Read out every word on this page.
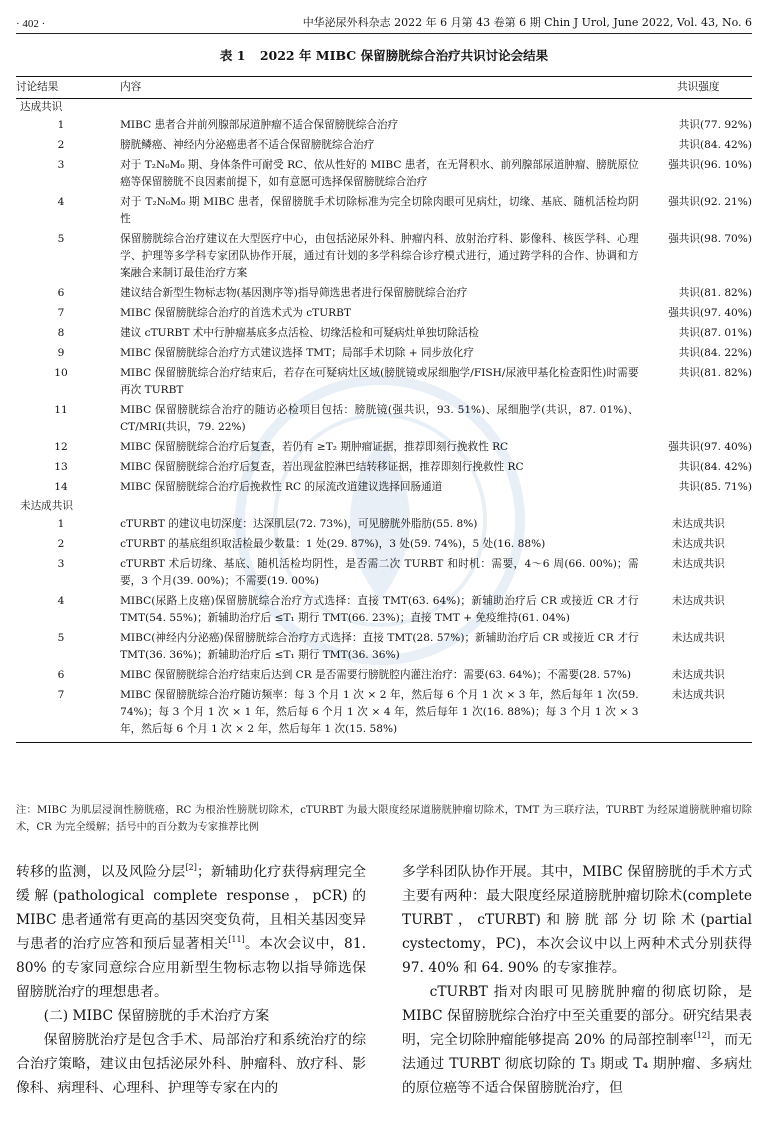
· 402 ·	中华泌尿外科杂志 2022 年 6 月第 43 卷第 6 期 Chin J Urol, June 2022, Vol. 43, No. 6
表 1 2022 年 MIBC 保留膀胱综合治疗共识讨论会结果
讨论结果	内容	共识强度
达成共识		
1	MIBC 患者合并前列腺部尿道肿瘤不适合保留膀胱综合治疗	共识(77. 92%)
2	膀胱鳞癌、神经内分泌癌患者不适合保留膀胱综合治疗	共识(84. 42%)
3	对于 T₂N₀M₀ 期、身体条件可耐受 RC、依从性好的 MIBC 患者，在无肾积水、前列腺部尿道肿瘤、膀胱原位癌等保留膀胱不良因素前提下，如有意愿可选择保留膀胱综合治疗	强共识(96. 10%)
4	对于 T₂N₀M₀ 期 MIBC 患者，保留膀胱手术切除标准为完全切除肉眼可见病灶，切缘、基底、随机活检均阴性	强共识(92. 21%)
5	保留膀胱综合治疗建议在大型医疗中心，由包括泌尿外科、肿瘤内科、放射治疗科、影像科、核医学科、心理学、护理等多学科专家团队协作开展，通过有计划的多学科综合诊疗模式进行，通过跨学科的合作、协调和方案融合来制订最佳治疗方案	强共识(98. 70%)
6	建议结合新型生物标志物(基因测序等)指导筛选患者进行保留膀胱综合治疗	共识(81. 82%)
7	MIBC 保留膀胱综合治疗的首选术式为 cTURBT	强共识(97. 40%)
8	建议 cTURBT 术中行肿瘤基底多点活检、切缘活检和可疑病灶单独切除活检	共识(87. 01%)
9	MIBC 保留膀胱综合治疗方式建议选择 TMT；局部手术切除 + 同步放化疗	共识(84. 22%)
10	MIBC 保留膀胱综合治疗结束后，若存在可疑病灶区域(膀胱镜或尿细胞学/FISH/尿液甲基化检查阳性)时需要再次 TURBT	共识(81. 82%)
11	MIBC 保留膀胱综合治疗的随访必检项目包括：膀胱镜(强共识，93. 51%)、尿细胞学(共识，87. 01%)、CT/MRI(共识，79. 22%)	
12	MIBC 保留膀胱综合治疗后复查，若仍有 ≥T₂ 期肿瘤证据，推荐即刻行挽救性 RC	强共识(97. 40%)
13	MIBC 保留膀胱综合治疗后复查，若出现盆腔淋巴结转移证据，推荐即刻行挽救性 RC	共识(84. 42%)
14	MIBC 保留膀胱综合治疗后挽救性 RC 的尿流改道建议选择回肠通道	共识(85. 71%)
未达成共识		
1	cTURBT 的建议电切深度：达深肌层(72. 73%)，可见膀胱外脂肪(55. 8%)	未达成共识
2	cTURBT 的基底组织取活检最少数量：1 处(29. 87%)，3 处(59. 74%)，5 处(16. 88%)	未达成共识
3	cTURBT 术后切缘、基底、随机活检均阴性，是否需二次 TURBT 和时机：需要，4～6 周(66. 00%)；需要，3 个月(39. 00%)；不需要(19. 00%)	未达成共识
4	MIBC(尿路上皮癌)保留膀胱综合治疗方式选择：直接 TMT(63. 64%)；新辅助治疗后 CR 或接近 CR 才行 TMT(54. 55%)；新辅助治疗后 ≤T₁ 期行 TMT(66. 23%)；直接 TMT + 免疫维持(61. 04%)	未达成共识
5	MIBC(神经内分泌癌)保留膀胱综合治疗方式选择：直接 TMT(28. 57%)；新辅助治疗后 CR 或接近 CR 才行 TMT(36. 36%)；新辅助治疗后 ≤T₁ 期行 TMT(36. 36%)	未达成共识
6	MIBC 保留膀胱综合治疗结束后达到 CR 是否需要行膀胱腔内灌注治疗：需要(63. 64%)；不需要(28. 57%)	未达成共识
7	MIBC 保留膀胱综合治疗随访频率：每 3 个月 1 次 × 2 年，然后每 6 个月 1 次 × 3 年，然后每年 1 次(59. 74%)；每 3 个月 1 次 × 1 年，然后每 6 个月 1 次 × 4 年，然后每年 1 次(16. 88%)；每 3 个月 1 次 × 3 年，然后每 6 个月 1 次 × 2 年，然后每年 1 次(15. 58%)	未达成共识
注：MIBC 为肌层浸润性膀胱癌，RC 为根治性膀胱切除术，cTURBT 为最大限度经尿道膀胱肿瘤切除术，TMT 为三联疗法，TURBT 为经尿道膀胱肿瘤切除术，CR 为完全缓解；括号中的百分数为专家推荐比例

转移的监测，以及风险分层[2]；新辅助化疗获得病理完全缓解(pathological complete response，pCR)的 MIBC 患者通常有更高的基因突变负荷，且相关基因变异与患者的治疗应答和预后显著相关[11]。本次会议中，81. 80% 的专家同意综合应用新型生物标志物以指导筛选保留膀胱治疗的理想患者。

(二) MIBC 保留膀胱的手术治疗方案

保留膀胱治疗是包含手术、局部治疗和系统治疗的综合治疗策略，建议由包括泌尿外科、肿瘤科、放疗科、影像科、病理科、心理科、护理等专家在内的

多学科团队协作开展。其中，MIBC 保留膀胱的手术方式主要有两种：最大限度经尿道膀胱肿瘤切除术(complete TURBT，cTURBT)和膀胱部分切除术(partial cystectomy，PC)，本次会议中以上两种术式分别获得 97. 40% 和 64. 90% 的专家推荐。

cTURBT 指对肉眼可见膀胱肿瘤的彻底切除，是 MIBC 保留膀胱综合治疗中至关重要的部分。研究结果表明，完全切除肿瘤能够提高 20% 的局部控制率[12]，而无法通过 TURBT 彻底切除的 T₃ 期或 T₄ 期肿瘤、多病灶的原位癌等不适合保留膀胱治疗，但
